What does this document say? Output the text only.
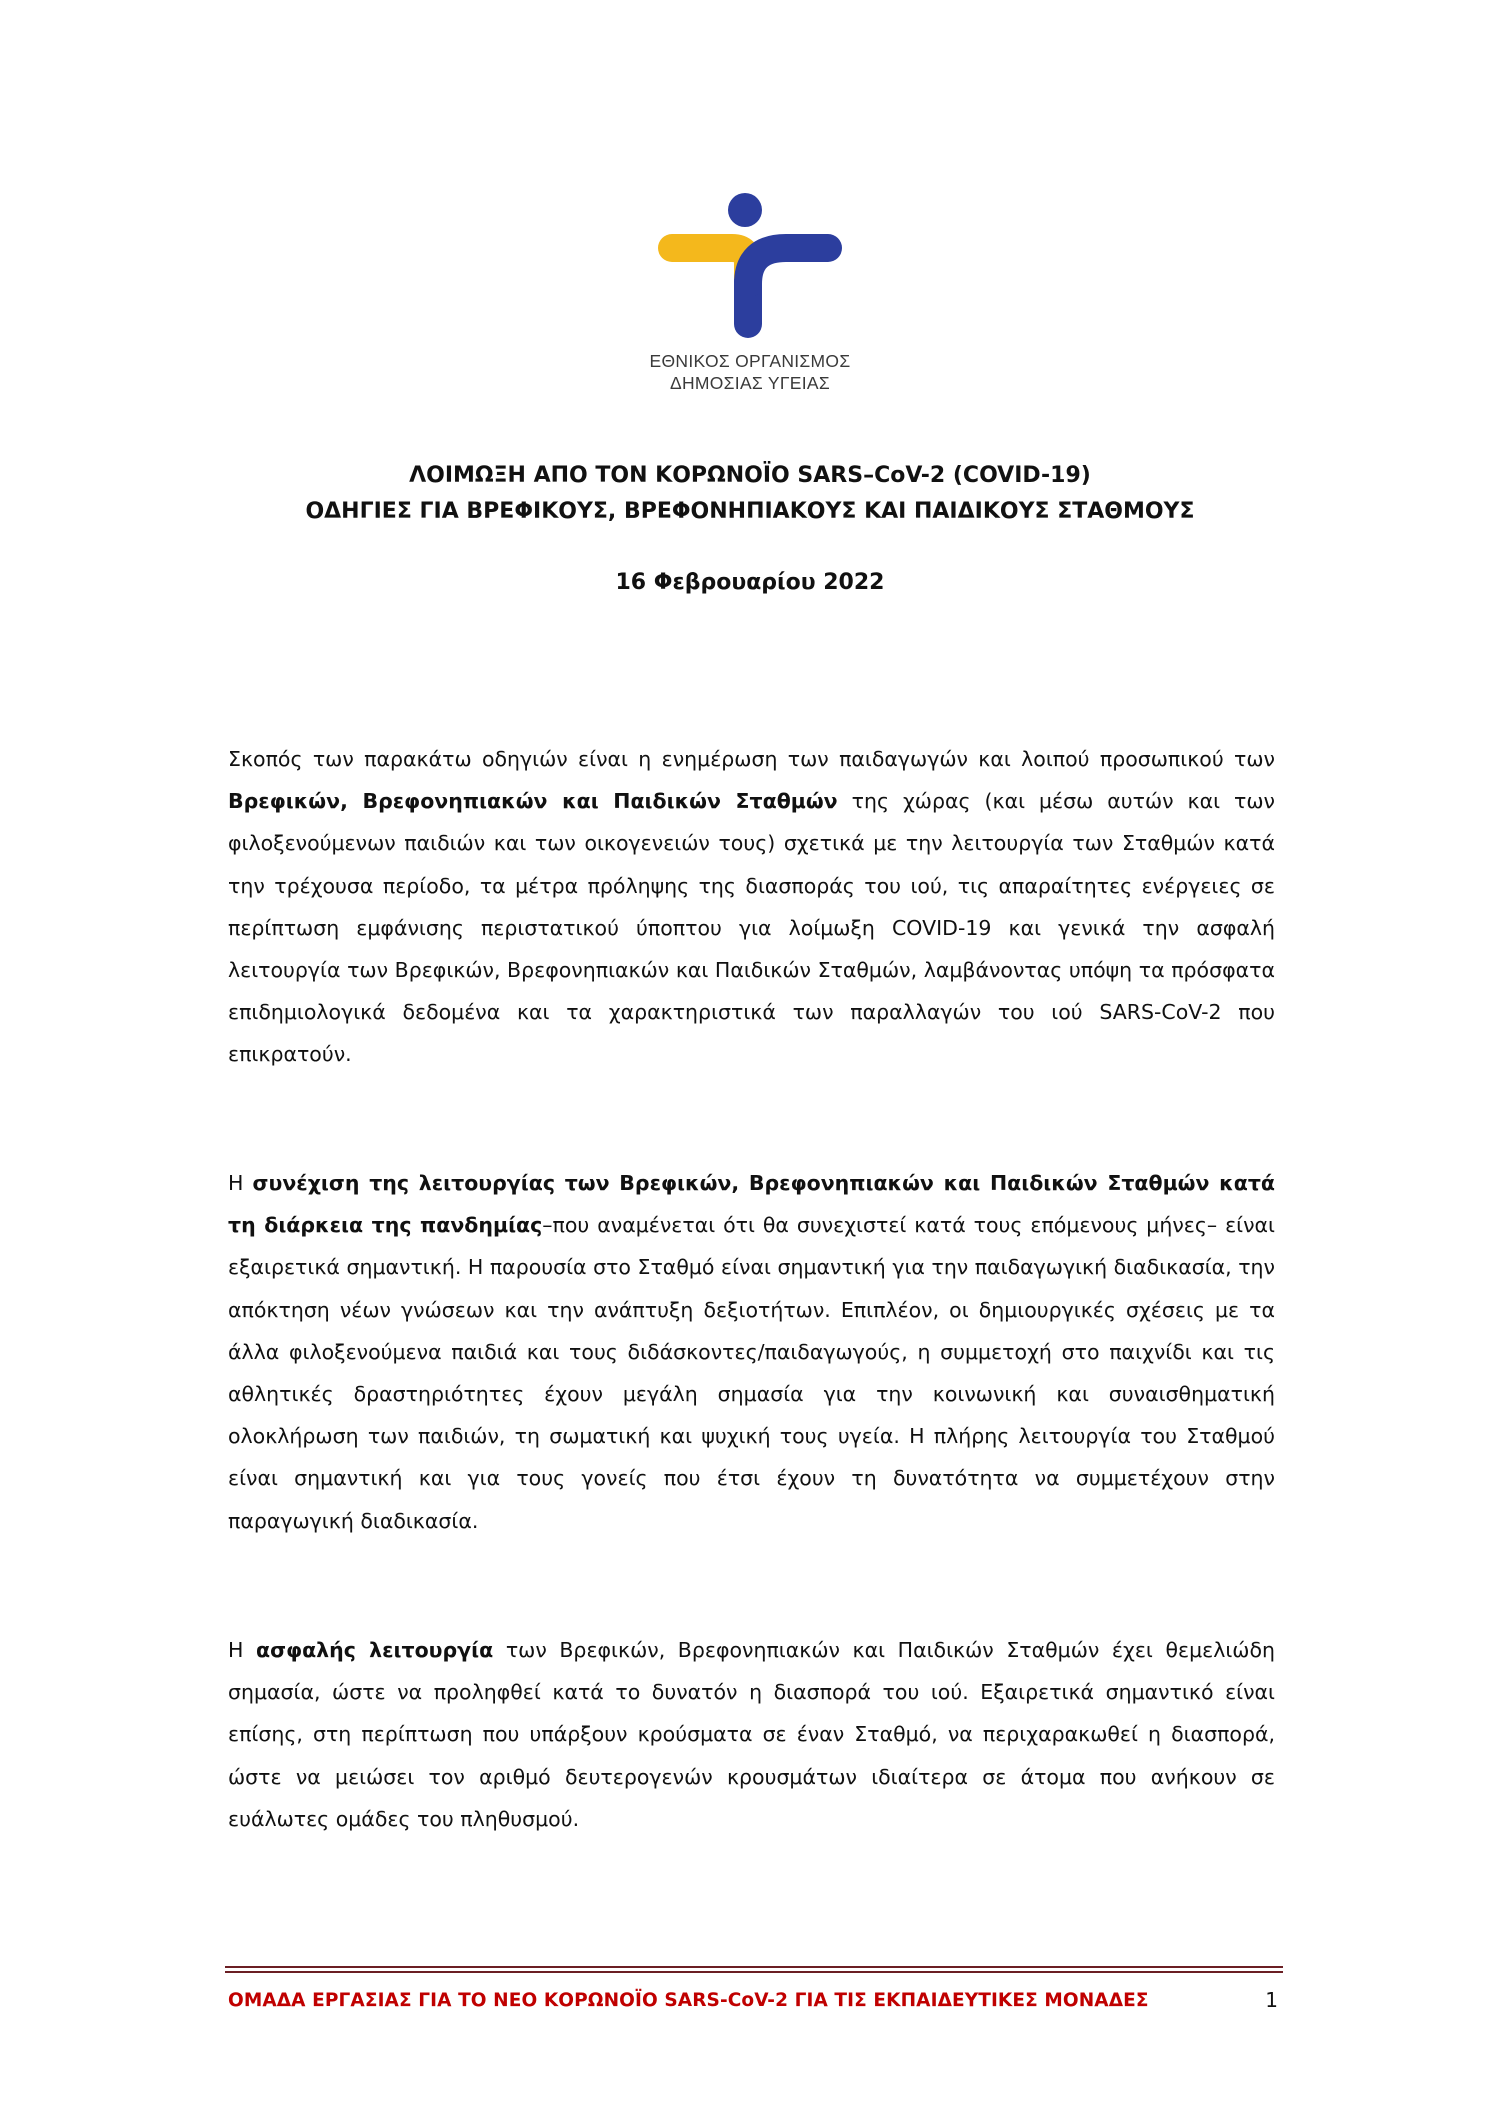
ΕΘΝΙΚΟΣ ΟΡΓΑΝΙΣΜΟΣ
ΔΗΜΟΣΙΑΣ ΥΓΕΙΑΣ
ΛΟΙΜΩΞΗ ΑΠΟ ΤΟΝ ΚΟΡΩΝΟΪΟ SARS–CoV-2 (COVID-19)
ΟΔΗΓΙΕΣ ΓΙΑ ΒΡΕΦΙΚΟΥΣ, ΒΡΕΦΟΝΗΠΙΑΚΟΥΣ ΚΑΙ ΠΑΙΔΙΚΟΥΣ ΣΤΑΘΜΟΥΣ
16 Φεβρουαρίου 2022

Σκοπός των παρακάτω οδηγιών είναι η ενημέρωση των παιδαγωγών και λοιπού προσωπικού των Βρεφικών, Βρεφονηπιακών και Παιδικών Σταθμών της χώρας (και μέσω αυτών και των φιλοξενούμενων παιδιών και των οικογενειών τους) σχετικά με την λειτουργία των Σταθμών κατά την τρέχουσα περίοδο, τα μέτρα πρόληψης της διασποράς του ιού, τις απαραίτητες ενέργειες σε περίπτωση εμφάνισης περιστατικού ύποπτου για λοίμωξη COVID-19 και γενικά την ασφαλή λειτουργία των Βρεφικών, Βρεφονηπιακών και Παιδικών Σταθμών, λαμβάνοντας υπόψη τα πρόσφατα επιδημιολογικά δεδομένα και τα χαρακτηριστικά των παραλλαγών του ιού SARS-CoV-2 που επικρατούν.

Η συνέχιση της λειτουργίας των Βρεφικών, Βρεφονηπιακών και Παιδικών Σταθμών κατά τη διάρκεια της πανδημίας–που αναμένεται ότι θα συνεχιστεί κατά τους επόμενους μήνες– είναι εξαιρετικά σημαντική. Η παρουσία στο Σταθμό είναι σημαντική για την παιδαγωγική διαδικασία, την απόκτηση νέων γνώσεων και την ανάπτυξη δεξιοτήτων. Επιπλέον, οι δημιουργικές σχέσεις με τα άλλα φιλοξενούμενα παιδιά και τους διδάσκοντες/παιδαγωγούς, η συμμετοχή στο παιχνίδι και τις αθλητικές δραστηριότητες έχουν μεγάλη σημασία για την κοινωνική και συναισθηματική ολοκλήρωση των παιδιών, τη σωματική και ψυχική τους υγεία. Η πλήρης λειτουργία του Σταθμού είναι σημαντική και για τους γονείς που έτσι έχουν τη δυνατότητα να συμμετέχουν στην παραγωγική διαδικασία.

Η ασφαλής λειτουργία των Βρεφικών, Βρεφονηπιακών και Παιδικών Σταθμών έχει θεμελιώδη σημασία, ώστε να προληφθεί κατά το δυνατόν η διασπορά του ιού. Εξαιρετικά σημαντικό είναι επίσης, στη περίπτωση που υπάρξουν κρούσματα σε έναν Σταθμό, να περιχαρακωθεί η διασπορά, ώστε να μειώσει τον αριθμό δευτερογενών κρουσμάτων ιδιαίτερα σε άτομα που ανήκουν σε ευάλωτες ομάδες του πληθυσμού.

ΟΜΑΔΑ ΕΡΓΑΣΙΑΣ ΓΙΑ ΤΟ ΝΕΟ ΚΟΡΩΝΟΪΟ SARS-CoV-2 ΓΙΑ ΤΙΣ ΕΚΠΑΙΔΕΥΤΙΚΕΣ ΜΟΝΑΔΕΣ	1
